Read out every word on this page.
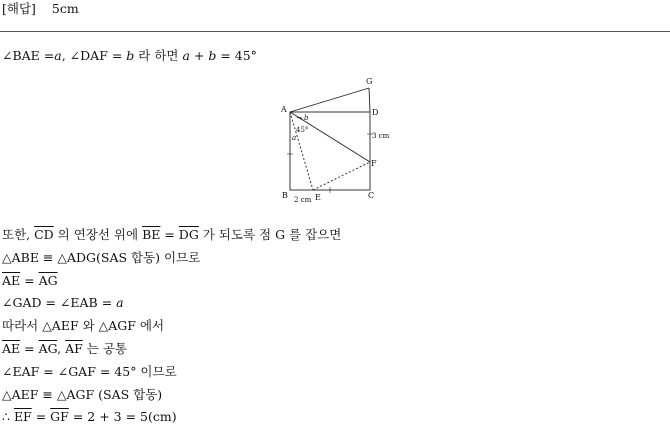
[해답] 5cm
∠BAE =a, ∠DAF = b 라 하면 a + b = 45°
A
B	C
D
E
F
G
b
45°
a	3 cm
2 cm
또한, $\overline{CD}$ 의 연장선 위에 $\overline{BE} = \overline{DG}$ 가 되도록 점 G 를 잡으면
△ABE ≡ △ADG(SAS 합동) 이므로
$\overline{AE} = \overline{AG}$
∠GAD = ∠EAB = a
따라서 △AEF 와 △AGF 에서
$\overline{AE} = \overline{AG}$, $\overline{AF}$ 는 공통
∠EAF = ∠GAF = 45° 이므로
△AEF ≡ △AGF (SAS 합동)
∴ $\overline{EF} = \overline{GF} = 2 + 3 = 5(cm)$
